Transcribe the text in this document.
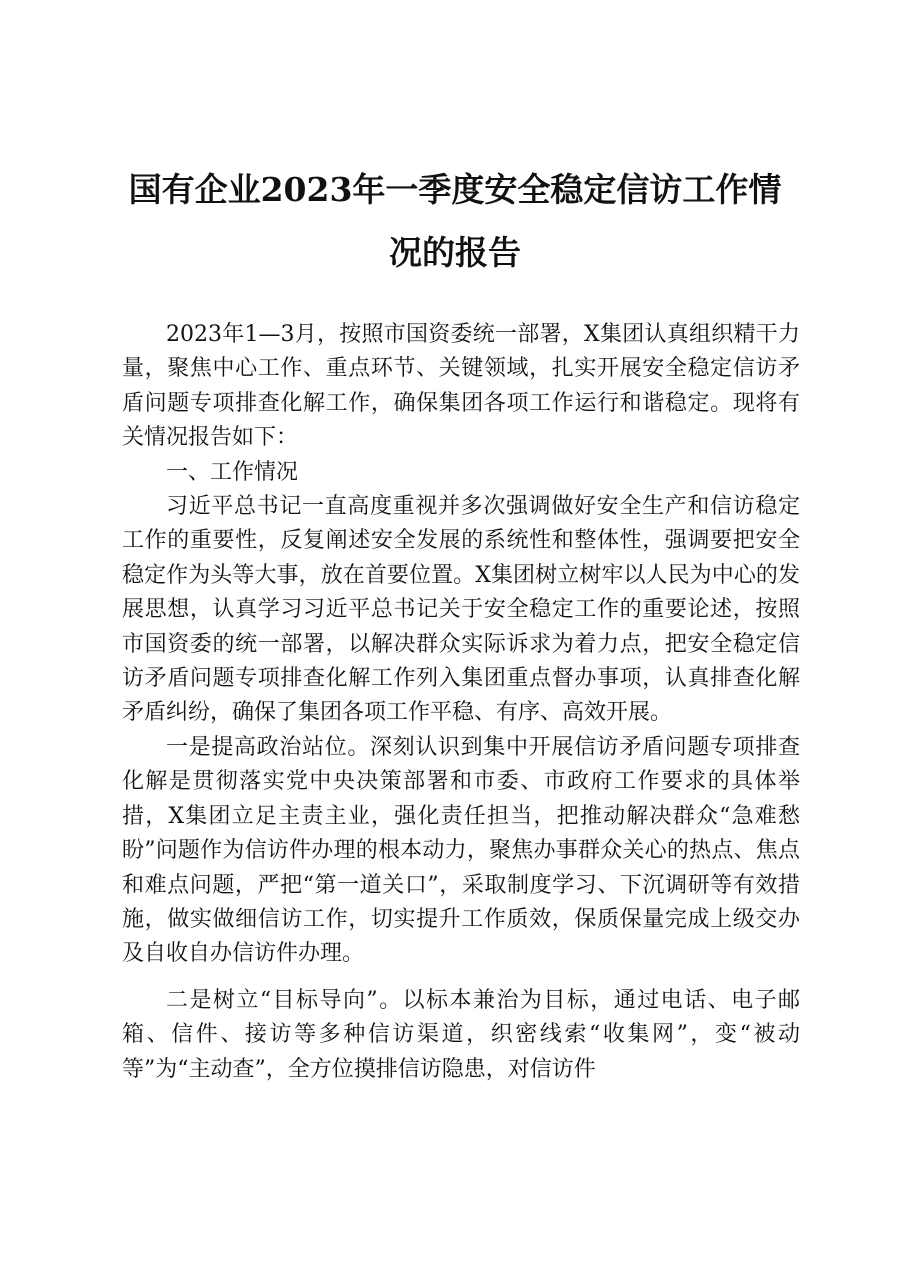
国有企业2023年一季度安全稳定信访工作情
况的报告

2023年1—3月，按照市国资委统一部署，X集团认真组织精干力量，聚焦中心工作、重点环节、关键领域，扎实开展安全稳定信访矛盾问题专项排查化解工作，确保集团各项工作运行和谐稳定。现将有关情况报告如下：

一、工作情况

习近平总书记一直高度重视并多次强调做好安全生产和信访稳定工作的重要性，反复阐述安全发展的系统性和整体性，强调要把安全稳定作为头等大事，放在首要位置。X集团树立树牢以人民为中心的发展思想，认真学习习近平总书记关于安全稳定工作的重要论述，按照市国资委的统一部署，以解决群众实际诉求为着力点，把安全稳定信访矛盾问题专项排查化解工作列入集团重点督办事项，认真排查化解矛盾纠纷，确保了集团各项工作平稳、有序、高效开展。

一是提高政治站位。深刻认识到集中开展信访矛盾问题专项排查化解是贯彻落实党中央决策部署和市委、市政府工作要求的具体举措，X集团立足主责主业，强化责任担当，把推动解决群众“急难愁盼”问题作为信访件办理的根本动力，聚焦办事群众关心的热点、焦点和难点问题，严把“第一道关口”，采取制度学习、下沉调研等有效措施，做实做细信访工作，切实提升工作质效，保质保量完成上级交办及自收自办信访件办理。

二是树立“目标导向”。以标本兼治为目标，通过电话、电子邮箱、信件、接访等多种信访渠道，织密线索“收集网”，变“被动等”为“主动查”，全方位摸排信访隐患，对信访件
